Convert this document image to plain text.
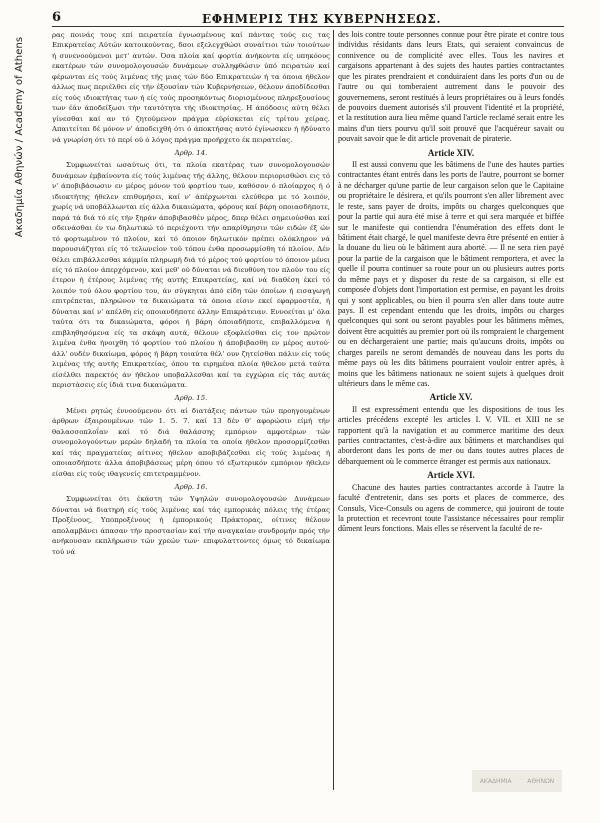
Ακαδημία Αθηνών / Academy of Athens
6	ΕΦΗΜΕΡΙΣ ΤΗΣ ΚΥΒΕΡΝΗΣΕΩΣ.

ρας ποινάς τους επί πειρατεία έγνωσμένους καί πάντας τούς εις τας Επικρατείας Αύτών κατοικούντας, δσοι εξελεγχθώσι συναίτιοι τών τοιούτων ή συνενοούμενοι μετ' αυτών. Όσα πλοία καί φορτία άνήκοντα είς υπηκόους εκατέρων τών συνομολογουσών δυνάμεων συλληφθώσιν ύπό πειρατών καί φέρωνται είς τούς λιμένας τής μιας τών δύο Επικρατειών ή τα όποια ήθελον άλλως πως περιέλθει είς τήν έξουσίαν τών Κυβερνήσεων, θέλουν άποδίδεσθαι είς τούς ιδιοκτήτας των ή είς τούς προσηκόντως διορισμένους πληρεξουσίους των έάν άποδείξωσι τήν ταυτότητα τής ιδιοκτησίας. Η άπόδοσις αύτη θέλει γίνεσθαι καί αν τό ζητούμενον πράγμα εύρίσκεται είς τρίτου χείρας. Απαιτείται δέ μόνον ν' άποδειχθή ότι ό άποκτήσας αυτό έγίνωσκεν ή ήδύνατο νά γνωρίση ότι τό περί ού ό λόγος πράγμα προήρχετο έκ πειρατείας.

Άρθρ. 14.

Συμφωνείται ωσαύτως ότι, τα πλοία εκατέρας των συνομολογουσών δυνάμεων έμβαίνοντα είς τούς λιμένας τής άλλης, θέλουν περιορισθώσι εις τό ν' άποβιβάσωσιν εν μέρος μόνον τού φορτίου των, καθόσον ό πλοίαρχος ή ό ιδιοκτήτης ήθελεν επιθυμήσει, καί ν' άπέρχωνται ελεύθερα με τό λοιπόν, χωρίς νά υποβάλλωνται είς άλλα δικαιώματα, φόρους καί βάρη οποιασδήποτε, παρά τά διά τό είς τήν ξηράν άποβιβασθέν μέρος, δπερ θέλει σημειούσθαι καί σδεινάσθαι έν τω δηλωτικώ τό περιέχοντι τήν απαρίθμησιν τών ειδών έξ ών τό φορτωμένον τό πλοίον, καί τό όποιον δηλωτικόν πρέπει ολόκληρον νά παρουσιάζηται είς τό τελωνείον τού τόπου ένθα προσωρμίσθη τό πλοίον. Δέν θέλει επιβάλλεσθαι κάμμία πληρωμή διά τό μέρος τού φορτίου τό όποιον μένει είς τό πλοίον άπερχόμενον, καί μεθ' ού δύναται νά διευθύνη τον πλούν του είς έτερον ή έτέρους λιμένας τής αυτής Επικρατείας, καί νά διαθέση έκεί τό λοιπόν τού όλου φορτίου του, άν σύγκηται άπό είδη τών όποίων ή εισαγωγή επιτρέπεται, πληρώνον τα δικαιώματα τά όποια είσιν εκεί εφαρμοστέα, ή δύναται καί ν' απέλθη είς οποιανδήποτε άλλην Επικράτειαν. Εννοείται μ' όλα ταύτα ότι τα δικαιώματα, φόροι ή βάρη όποιαδήποτε, επιβαλλόμενα ή επιβληθησόμενα είς τα σκάφη αυτά, θέλουν εξοφλείσθαι είς τον πρώτον λιμένα ένθα ήνοιχθη τό φορτίον τού πλοίου ή άποβιβασθη εν μέρος αυτού· άλλ' ουδέν δικαίωμα, φόρος ή βάρη τοιαύτα θέλ' ουν ζητείσθαι πάλιν είς τούς λιμένας τής αυτής Επικρατείας, όπου τα ειρημένα πλοία ήθελον μετά ταύτα είσέλθει παρεκτός άν ήθελον υποβαλλεσθαι καί τα εγχώρια είς τάς αυτάς περιστάσεις είς ίδιά τινα δικαιώματα.

Άρθρ. 15.

Μένει ρητώς έννοούμενον ότι αί διατάξεις πάντων τών προηγουμένων άρθρων έξαιρουμένων τών 1. 5. 7. καί 13 δέν θ' αφορώσιν είμή τήν θαλασσοπλοΐαν καί τό διά θαλάσσης εμπόριον αμφοτέρων τών συνομολογούντων μερών δηλαδή τα πλοία τα οποία ήθελον προσορμίζεσθαι καί τάς πραγματείας αίτινες ήθελον αποβιβάζεσθαι είς τούς λιμένας ή οποιασδήποτε άλλα άποβιβάσεως μέρη όπου τό εξωτερικόν εμπόριον ήθελεν είσθαι είς τούς ιθαγενείς επιτετραμμένον.

Άρθρ. 16.

Συμφωνείται ότι έκάστη τών Υψηλών συνομολογουσών Δυνάμεων δύναται νά διατηρή είς τούς λιμένας καί τάς εμπορικάς πόλεις τής έτέρας Προξένους, Υποπροξένους ή έμπορικούς Πράκτορας, οίτινες θέλουν απολαμβάνει άπασαν τήν προστασίαν καί τήν αναγκαίαν συνδρομήν πρός τήν ανήκουσαν εκπλήρωσιν τών χρεών των· επιφυλαττοντες όμως τό δικαίωμα τού νά

des lois contre toute personnes connue pour être pirate et contre tous individus résidants dans leurs Etats, qui seraient convaincus de connivence ou de complicité avec elles. Tous les navires et cargaisons appartenant à des sujets des hautes parties contractantes que les pirates prendraient et conduiraient dans les ports d'un ou de l'autre ou qui tomberaient autrement dans le pouvoir des gouvernemens, seront restitués à leurs propriétaires ou à leurs fondés de pouvoirs duement autorisés s'il prouvent l'identité et la propriété, et la restitution aura lieu même quand l'article reclamé serait entre les mains d'un tiers pourvu qu'il soit prouvé que l'acquéreur savait ou pouvait savoir que le dit article provenait de piraterie.

Article XIV.

Il est aussi convenu que les bâtimens de l'une des hautes parties contractantes étant entrés dans les ports de l'autre, pourront se borner à ne décharger qu'une partie de leur cargaison selon que le Capitaine ou propriétaire le désirera, et qu'ils pourront s'en aller librement avec le reste, sans payer de droits, impôts ou charges quelconques que pour la partie qui aura été mise à terre et qui sera marquée et biffée sur le manifeste qui contiendra l'énumération des effets dont le bâtiment était chargé, le quel manifeste devra être présenté en entier à la douane du lieu où le bâtiment aura aborté. — Il ne sera rien payé pour la partie de la cargaison que le bâtiment remportera, et avec la quelle il pourra continuer sa route pour un ou plusieurs autres ports du même pays et y disposer du reste de sa cargaison, si elle est composée d'objets dont l'importation est permise, en payant les droits qui y sont applicables, ou bien il pourra s'en aller dans toute autre pays. Il est cependant entendu que les droits, impôts ou charges quelconques qui sont ou seront payables pour les bâtimens mêmes, doivent être acquittés au premier port où ils rompraient le chargement ou en déchargeraient une partie; mais qu'aucuns droits, impôts ou charges pareils ne seront demandés de nouveau dans les ports du même pays où les dits bâtimens pourraient vouloir entrer après, à moins que les bâtimens nationaux ne soient sujets à quelques droit ultérieurs dans le même cas.

Article XV.

Il est expressément entendu que les dispositions de tous les articles précédens excepté les articles I. V. VII. et XIII ne se rapportent qu'à la navigation et au commerce maritime des deux parties contractantes, c'est-à-dire aux bâtimens et marchandises qui aborderont dans les ports de mer ou dans toutes autres places de débarquement où le commerce étranger est permis aux nationaux.

Article XVI.

Chacune des hautes parties contractantes accorde à l'autre la faculté d'entretenir, dans ses ports et places de commerce, des Consuls, Vice-Consuls ou agens de commerce, qui jouiront de toute la protection et recevront toute l'assistance nécessaires pour remplir dûment leurs fonctions. Mais elles se réservent la faculté de re-

ΑΚΑΔΗΜΙΑ	ΑΘΗΝΩΝ
